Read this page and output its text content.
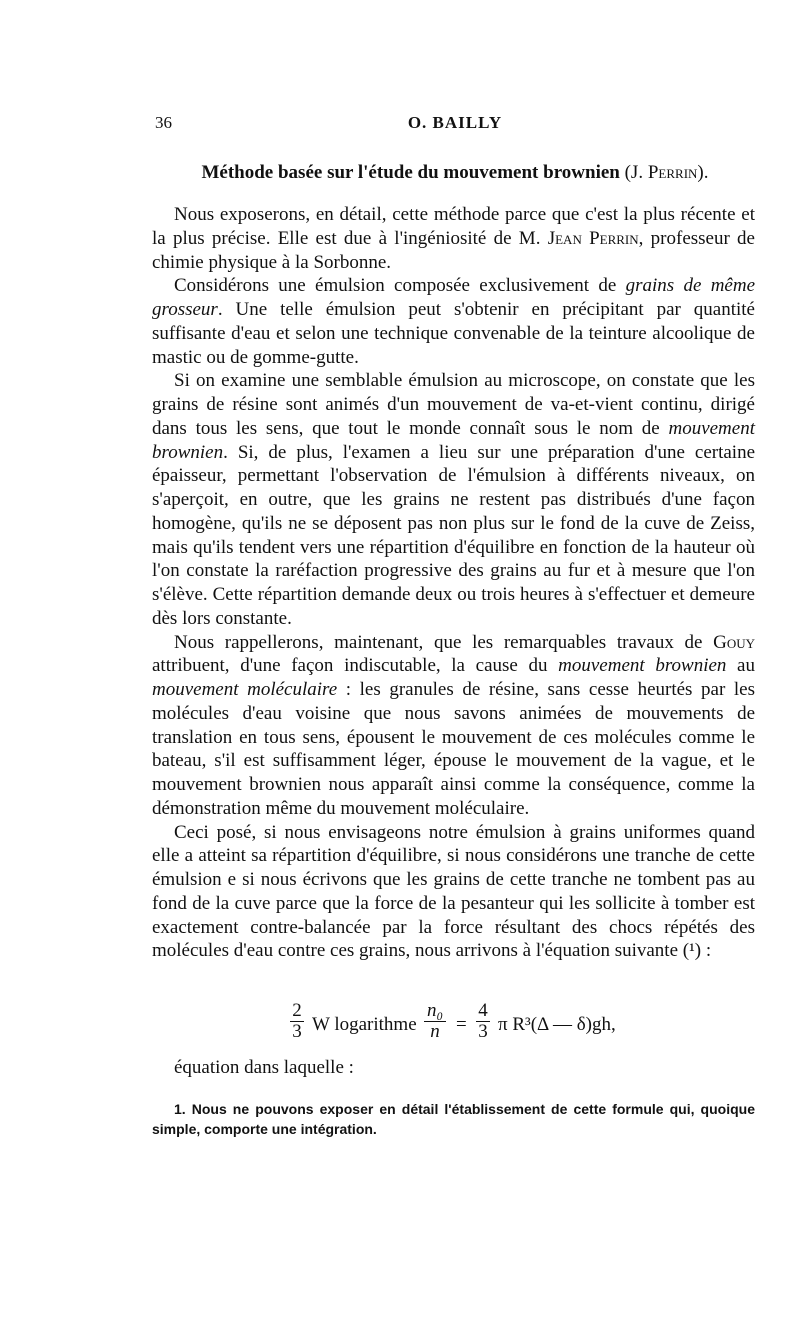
36	O. BAILLY
Méthode basée sur l'étude du mouvement brownien (J. Perrin).

Nous exposerons, en détail, cette méthode parce que c'est la plus récente et la plus précise. Elle est due à l'ingéniosité de M. Jean Perrin, professeur de chimie physique à la Sorbonne.

Considérons une émulsion composée exclusivement de grains de même grosseur. Une telle émulsion peut s'obtenir en précipitant par quantité suffisante d'eau et selon une technique convenable de la teinture alcoolique de mastic ou de gomme-gutte.

Si on examine une semblable émulsion au microscope, on constate que les grains de résine sont animés d'un mouvement de va-et-vient continu, dirigé dans tous les sens, que tout le monde connaît sous le nom de mouvement brownien. Si, de plus, l'examen a lieu sur une préparation d'une certaine épaisseur, permettant l'observation de l'émulsion à différents niveaux, on s'aperçoit, en outre, que les grains ne restent pas distribués d'une façon homogène, qu'ils ne se déposent pas non plus sur le fond de la cuve de Zeiss, mais qu'ils tendent vers une répartition d'équilibre en fonction de la hauteur où l'on constate la raréfaction progressive des grains au fur et à mesure que l'on s'élève. Cette répartition demande deux ou trois heures à s'effectuer et demeure dès lors constante.

Nous rappellerons, maintenant, que les remarquables travaux de Gouy attribuent, d'une façon indiscutable, la cause du mouvement brownien au mouvement moléculaire : les granules de résine, sans cesse heurtés par les molécules d'eau voisine que nous savons animées de mouvements de translation en tous sens, épousent le mouvement de ces molécules comme le bateau, s'il est suffisamment léger, épouse le mouvement de la vague, et le mouvement brownien nous apparaît ainsi comme la conséquence, comme la démonstration même du mouvement moléculaire.

Ceci posé, si nous envisageons notre émulsion à grains uniformes quand elle a atteint sa répartition d'équilibre, si nous considérons une tranche de cette émulsion e si nous écrivons que les grains de cette tranche ne tombent pas au fond de la cuve parce que la force de la pesanteur qui les sollicite à tomber est exactement contre-balancée par la force résultant des chocs répétés des molécules d'eau contre ces grains, nous arrivons à l'équation suivante (¹) :

$\frac{2}{3}$ W logarithme $\frac{\text{n₀}}{n} = \frac{4}{3}$ π R³(Δ — δ)gh,
équation dans laquelle :
1. Nous ne pouvons exposer en détail l'établissement de cette formule qui, quoique simple, comporte une intégration.
